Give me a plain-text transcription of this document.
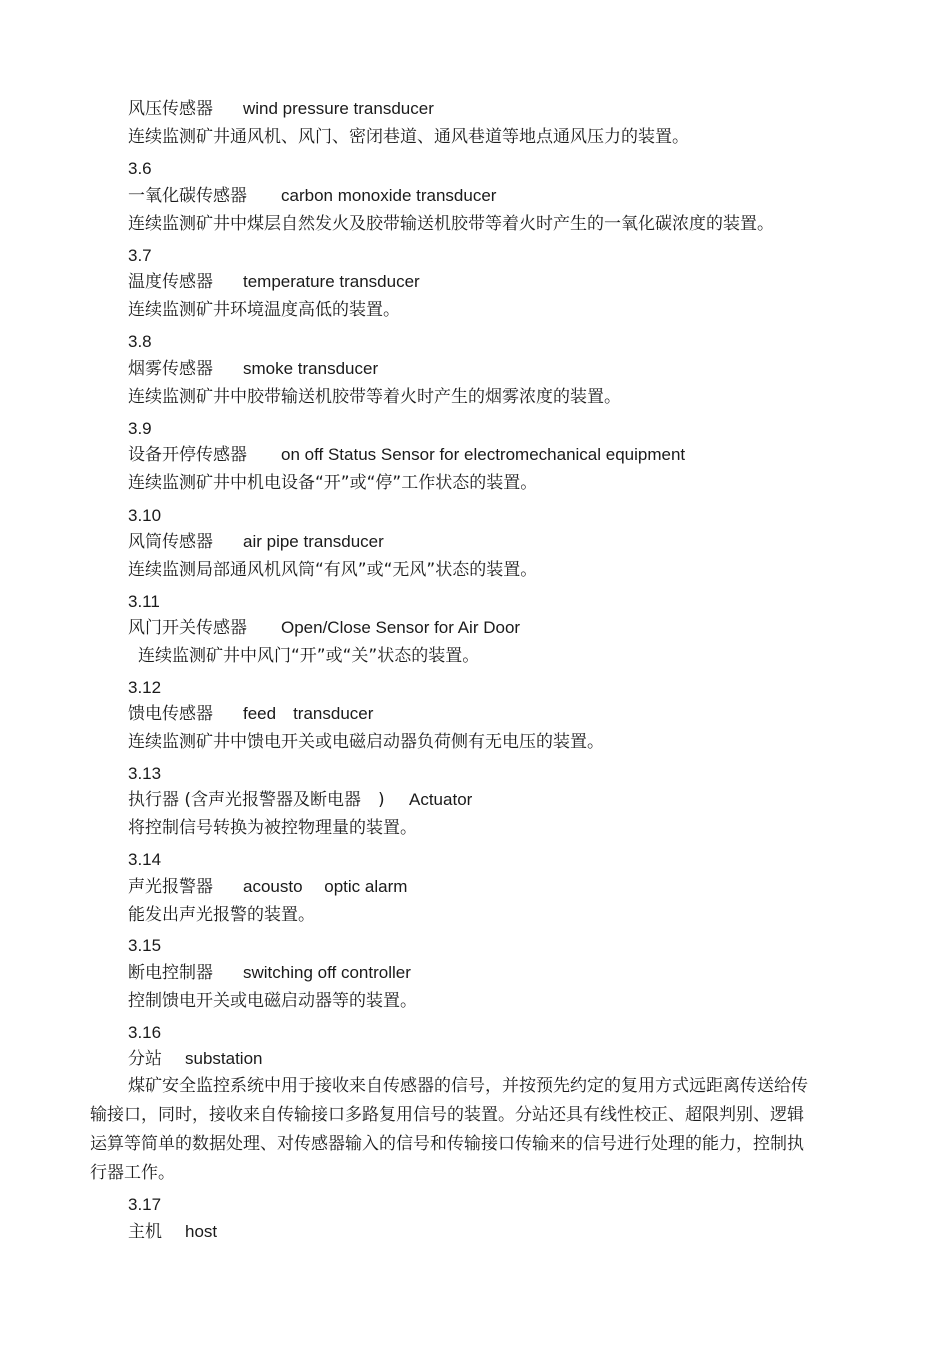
风压传感器 wind pressure transducer
连续监测矿井通风机、风门、密闭巷道、通风巷道等地点通风压力的装置。
3.6
一氧化碳传感器 carbon monoxide transducer
连续监测矿井中煤层自然发火及胶带输送机胶带等着火时产生的一氧化碳浓度的装置。
3.7
温度传感器 temperature transducer
连续监测矿井环境温度高低的装置。
3.8
烟雾传感器 smoke transducer
连续监测矿井中胶带输送机胶带等着火时产生的烟雾浓度的装置。
3.9
设备开停传感器 on off Status Sensor for electromechanical equipment
连续监测矿井中机电设备“开”或“停”工作状态的装置。
3.10
风筒传感器 air pipe transducer
连续监测局部通风机风筒“有风”或“无风”状态的装置。
3.11
风门开关传感器 Open/Close Sensor for Air Door
连续监测矿井中风门“开”或“关”状态的装置。
3.12
馈电传感器 feed　transducer
连续监测矿井中馈电开关或电磁启动器负荷侧有无电压的装置。
3.13
执行器 (含声光报警器及断电器　) Actuator
将控制信号转换为被控物理量的装置。
3.14
声光报警器 acousto　 optic alarm
能发出声光报警的装置。
3.15
断电控制器 switching off controller
控制馈电开关或电磁启动器等的装置。
3.16
分站 substation
煤矿安全监控系统中用于接收来自传感器的信号，并按预先约定的复用方式远距离传送给传输接口，同时，接收来自传输接口多路复用信号的装置。分站还具有线性校正、超限判别、逻辑运算等简单的数据处理、对传感器输入的信号和传输接口传输来的信号进行处理的能力，控制执行器工作。
3.17
主机 host
